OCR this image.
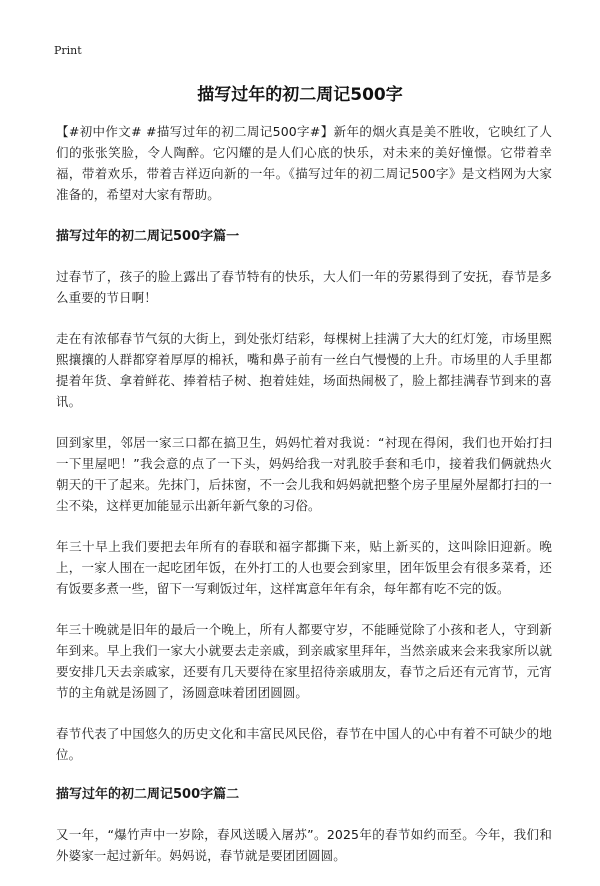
Print
描写过年的初二周记500字

【#初中作文# #描写过年的初二周记500字#】新年的烟火真是美不胜收，它映红了人们的张张笑脸，令人陶醉。它闪耀的是人们心底的快乐，对未来的美好憧憬。它带着幸福，带着欢乐，带着吉祥迈向新的一年。《描写过年的初二周记500字》是文档网为大家准备的，希望对大家有帮助。

描写过年的初二周记500字篇一

过春节了，孩子的脸上露出了春节特有的快乐，大人们一年的劳累得到了安抚，春节是多么重要的节日啊！

走在有浓郁春节气氛的大街上，到处张灯结彩，每棵树上挂满了大大的红灯笼，市场里熙熙攘攘的人群都穿着厚厚的棉袄，嘴和鼻子前有一丝白气慢慢的上升。市场里的人手里都提着年货、拿着鲜花、捧着桔子树、抱着娃娃，场面热闹极了，脸上都挂满春节到来的喜讯。

回到家里，邻居一家三口都在搞卫生，妈妈忙着对我说：“衬现在得闲，我们也开始打扫一下里屋吧！”我会意的点了一下头，妈妈给我一对乳胶手套和毛巾，接着我们俩就热火朝天的干了起来。先抹门，后抹窗，不一会儿我和妈妈就把整个房子里屋外屋都打扫的一尘不染，这样更加能显示出新年新气象的习俗。

年三十早上我们要把去年所有的春联和福字都撕下来，贴上新买的，这叫除旧迎新。晚上，一家人围在一起吃团年饭，在外打工的人也要会到家里，团年饭里会有很多菜肴，还有饭要多煮一些，留下一写剩饭过年，这样寓意年年有余，每年都有吃不完的饭。

年三十晚就是旧年的最后一个晚上，所有人都要守岁，不能睡觉除了小孩和老人，守到新年到来。早上我们一家大小就要去走亲戚，到亲戚家里拜年，当然亲戚来会来我家所以就要安排几天去亲戚家，还要有几天要待在家里招待亲戚朋友，春节之后还有元宵节，元宵节的主角就是汤圆了，汤圆意味着团团圆圆。

春节代表了中国悠久的历史文化和丰富民风民俗，春节在中国人的心中有着不可缺少的地位。

描写过年的初二周记500字篇二

又一年，“爆竹声中一岁除，春风送暖入屠苏”。2025年的春节如约而至。今年，我们和外婆家一起过新年。妈妈说，春节就是要团团圆圆。
